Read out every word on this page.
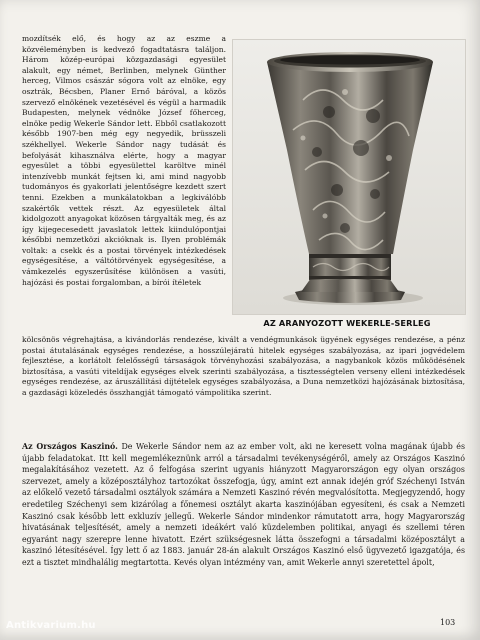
mozdítsék elő, és hogy az az eszme a közvéleményben is kedvező fogadtatásra találjon. Három közép-európai közgazdasági egyesület alakult, egy német, Berlinben, melynek Günther herceg, Vilmos császár sógora volt az elnöke, egy osztrák, Bécsben, Planer Ernő báróval, a közös szervező elnökének vezetésével és végül a harmadik Budapesten, melynek védnöke József főherceg, elnöke pedig Wekerle Sándor lett. Ebből csatlakozott később 1907-ben még egy negyedik, brüsszeli székhellyel. Wekerle Sándor nagy tudását és befolyását kihasználva elérte, hogy a magyar egyesület a többi egyesülettel karöltve minél intenzívebb munkát fejtsen ki, ami mind nagyobb tudományos és gyakorlati jelentőségre kezdett szert tenni. Ezekben a munkálatokban a legkiválóbb szakértők vettek részt. Az egyesületek által kidolgozott anyagokat közösen tárgyalták meg, és az így kijegecesedett javaslatok lettek kiindulópontjai későbbi nemzetközi akcióknak is. Ilyen problémák voltak: a csekk és a postai törvények intézkedések egységesítése, a váltótörvények egységesítése, a vámkezelés egyszerűsítése különösen a vasúti, hajózási és postai forgalomban, a bírói ítéletek

AZ ARANYOZOTT WEKERLE-SERLEG

kölcsönös végrehajtása, a kivándorlás rendezése, kivált a vendégmunkások ügyének egységes rendezése, a pénz postai átutalásának egységes rendezése, a hosszúlejáratú hitelek egységes szabályozása, az ipari jogvédelem fejlesztése, a korlátolt felelősségű társaságok törvényhozási szabályozása, a nagybankok közös működésének biztosítása, a vasúti viteldíjak egységes elvek szerinti szabályozása, a tisztességtelen verseny elleni intézkedések egységes rendezése, az áruszállítási díjtételek egységes szabályozása, a Duna nemzetközi hajózásának biztosítása, a gazdasági közeledés összhangját támogató vámpolitika szerint.

Az Országos Kaszinó. De Wekerle Sándor nem az az ember volt, aki ne keresett volna magának újabb és újabb feladatokat. Itt kell megemlékeznünk arról a társadalmi tevékenységéről, amely az Országos Kaszinó megalakításához vezetett. Az ő felfogása szerint ugyanis hiányzott Magyarországon egy olyan országos szervezet, amely a középosztályhoz tartozókat összefogja, úgy, amint ezt annak idején gróf Széchenyi István az előkelő vezető társadalmi osztályok számára a Nemzeti Kaszinó révén megvalósította. Megjegyzendő, hogy eredetileg Széchenyi sem kizárólag a főnemesi osztályt akarta kaszinójában egyesíteni, és csak a Nemzeti Kaszinó csak később lett exkluzív jellegű. Wekerle Sándor mindenkor rámutatott arra, hogy Magyarország hivatásának teljesítését, amely a nemzeti ideákért való küzdelemben politikai, anyagi és szellemi téren egyaránt nagy szerepre lenne hivatott. Ezért szükségesnek látta összefogni a társadalmi középosztályt a kaszinó létesítésével. Így lett ő az 1883. január 28-án alakult Országos Kaszinó első ügyvezető igazgatója, és ezt a tisztet mindhalálig megtartotta. Kevés olyan intézmény van, amit Wekerle annyi szeretettel ápolt,

103
Antikvarium.hu
